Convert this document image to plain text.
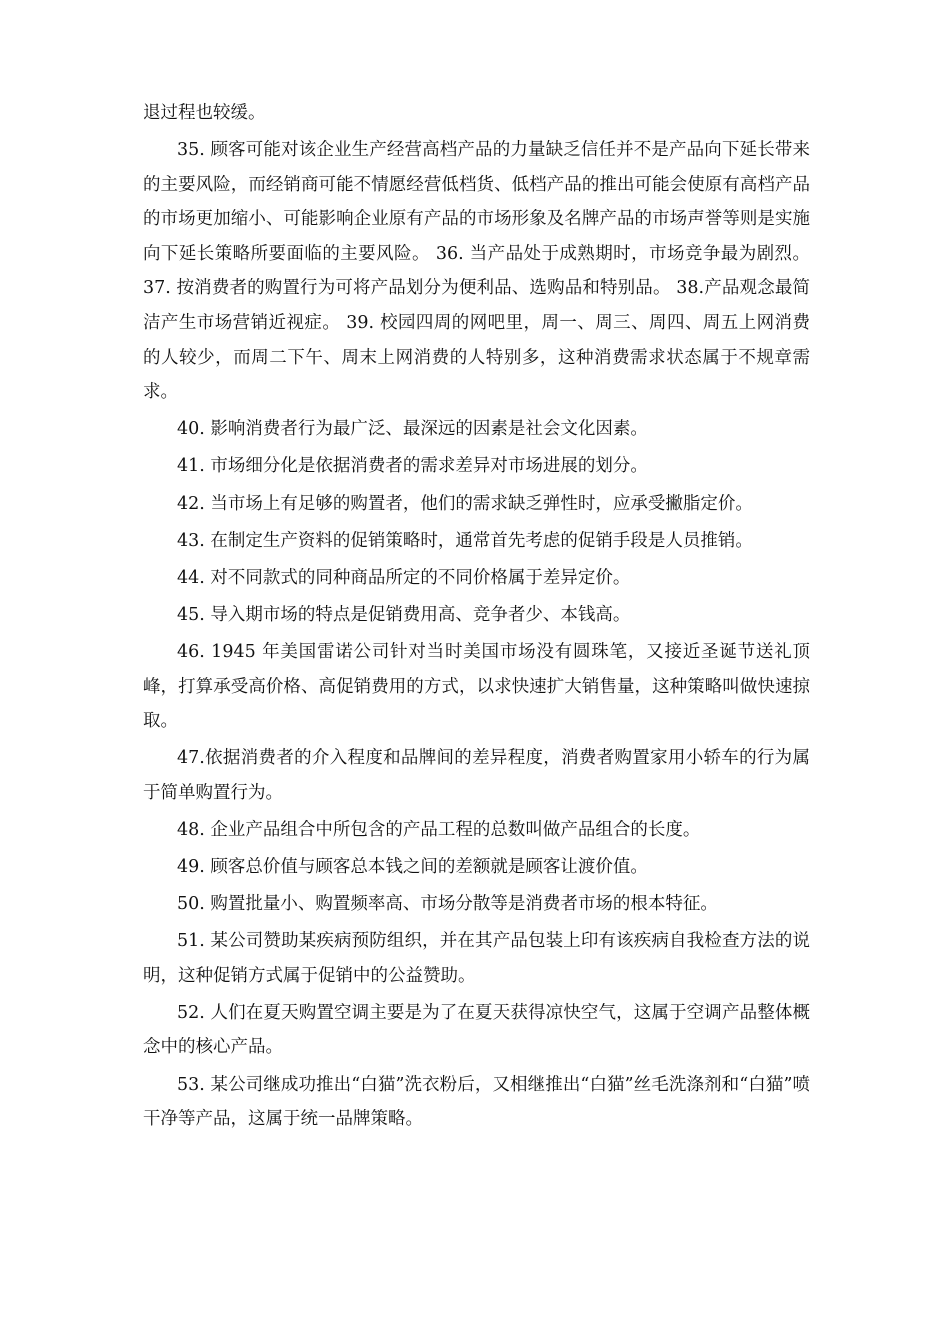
退过程也较缓。

35. 顾客可能对该企业生产经营高档产品的力量缺乏信任并不是产品向下延长带来的主要风险，而经销商可能不情愿经营低档货、低档产品的推出可能会使原有高档产品的市场更加缩小、可能影响企业原有产品的市场形象及名牌产品的市场声誉等则是实施向下延长策略所要面临的主要风险。 36. 当产品处于成熟期时，市场竞争最为剧烈。 37. 按消费者的购置行为可将产品划分为便利品、选购品和特别品。 38.产品观念最简洁产生市场营销近视症。 39. 校园四周的网吧里，周一、周三、周四、周五上网消费的人较少，而周二下午、周末上网消费的人特别多，这种消费需求状态属于不规章需求。

40. 影响消费者行为最广泛、最深远的因素是社会文化因素。

41. 市场细分化是依据消费者的需求差异对市场进展的划分。

42. 当市场上有足够的购置者，他们的需求缺乏弹性时，应承受撇脂定价。

43. 在制定生产资料的促销策略时，通常首先考虑的促销手段是人员推销。

44. 对不同款式的同种商品所定的不同价格属于差异定价。

45. 导入期市场的特点是促销费用高、竞争者少、本钱高。

46. 1945 年美国雷诺公司针对当时美国市场没有圆珠笔，又接近圣诞节送礼顶峰，打算承受高价格、高促销费用的方式，以求快速扩大销售量，这种策略叫做快速掠取。

47.依据消费者的介入程度和品牌间的差异程度，消费者购置家用小轿车的行为属于简单购置行为。

48. 企业产品组合中所包含的产品工程的总数叫做产品组合的长度。

49. 顾客总价值与顾客总本钱之间的差额就是顾客让渡价值。

50. 购置批量小、购置频率高、市场分散等是消费者市场的根本特征。

51. 某公司赞助某疾病预防组织，并在其产品包装上印有该疾病自我检查方法的说明，这种促销方式属于促销中的公益赞助。

52. 人们在夏天购置空调主要是为了在夏天获得凉快空气，这属于空调产品整体概念中的核心产品。

53. 某公司继成功推出“白猫”洗衣粉后，又相继推出“白猫”丝毛洗涤剂和“白猫”喷干净等产品，这属于统一品牌策略。
